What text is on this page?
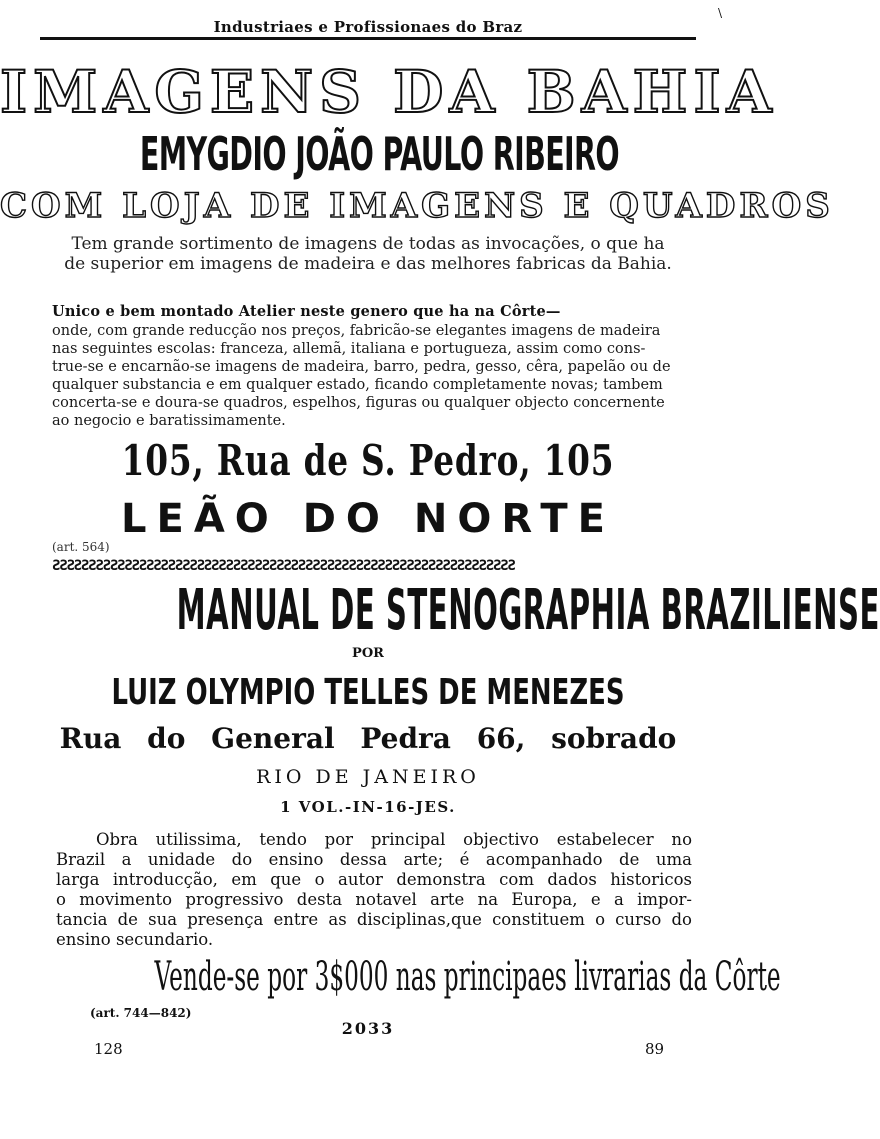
Industriaes e Profissionaes do Braz
\
IMAGENS DA BAHIA
EMYGDIO JOÃO PAULO RIBEIRO
COM LOJA DE IMAGENS E QUADROS
Tem grande sortimento de imagens de todas as invocações, o que ha de superior em imagens de madeira e das melhores fabricas da Bahia.
Unico e bem montado Atelier neste genero que ha na Côrte—
onde, com grande reducção nos preços, fabricão-se elegantes imagens de madeira
nas seguintes escolas: franceza, allemã, italiana e portugueza, assim como cons-
true-se e encarnão-se imagens de madeira, barro, pedra, gesso, cêra, papelão ou de
qualquer substancia e em qualquer estado, ficando completamente novas; tambem
concerta-se e doura-se quadros, espelhos, figuras ou qualquer objecto concernente
ao negocio e baratissimamente.
105, Rua de S. Pedro, 105
LEÃO DO NORTE
(art. 564)
ƧƧƧƧƧƧƧƧƧƧƧƧƧƧƧƧƧƧƧƧƧƧƧƧƧƧƧƧƧƧƧƧƧƧƧƧƧƧƧƧƧƧƧƧƧƧƧƧƧƧƧƧƧƧƧƧƧƧƧƧƧƧƧƧ
MANUAL DE STENOGRAPHIA BRAZILIENSE
POR
LUIZ OLYMPIO TELLES DE MENEZES
Rua do General Pedra 66, sobrado
RIO DE JANEIRO
1 VOL.-IN-16-JES.
Obra utilissima, tendo por principal objectivo estabelecer no
Brazil a unidade do ensino dessa arte; é acompanhado de uma
larga introducção, em que o autor demonstra com dados historicos
o movimento progressivo desta notavel arte na Europa, e a impor-
tancia de sua presença entre as disciplinas,que constituem o curso do
ensino secundario.
Vende-se por 3$000 nas principaes livrarias da Côrte
(art. 744—842)
2033
128	89
